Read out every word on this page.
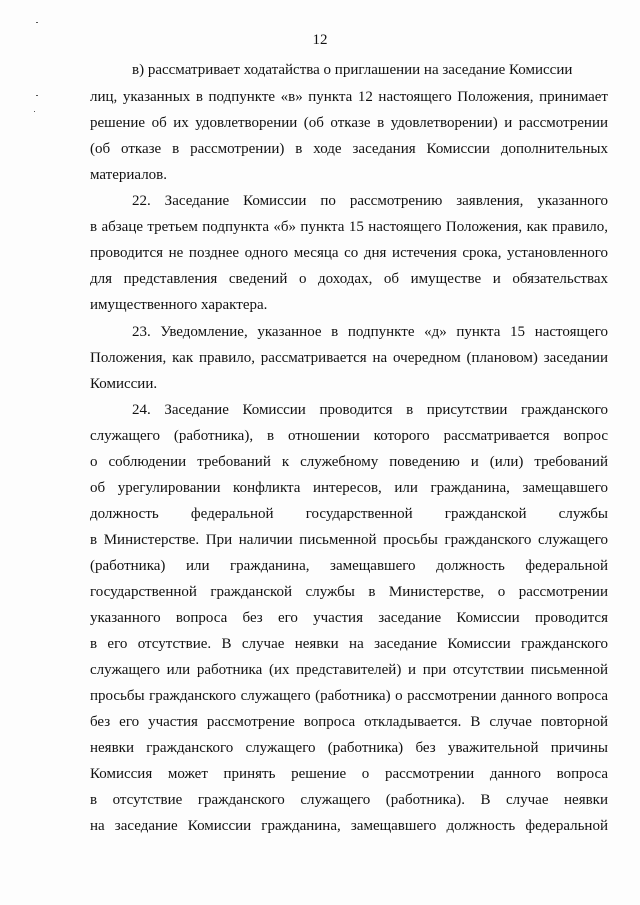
12
в) рассматривает ходатайства о приглашении на заседание Комиссии
лиц, указанных в подпункте «в» пункта 12 настоящего Положения, принимает
решение об их удовлетворении (об отказе в удовлетворении) и рассмотрении
(об отказе в рассмотрении) в ходе заседания Комиссии дополнительных
материалов.
22. Заседание Комиссии по рассмотрению заявления, указанного
в абзаце третьем подпункта «б» пункта 15 настоящего Положения, как правило,
проводится не позднее одного месяца со дня истечения срока, установленного
для представления сведений о доходах, об имуществе и обязательствах
имущественного характера.
23. Уведомление, указанное в подпункте «д» пункта 15 настоящего
Положения, как правило, рассматривается на очередном (плановом) заседании
Комиссии.
24. Заседание Комиссии проводится в присутствии гражданского
служащего (работника), в отношении которого рассматривается вопрос
о соблюдении требований к служебному поведению и (или) требований
об урегулировании конфликта интересов, или гражданина, замещавшего
должность федеральной государственной гражданской службы
в Министерстве. При наличии письменной просьбы гражданского служащего
(работника) или гражданина, замещавшего должность федеральной
государственной гражданской службы в Министерстве, о рассмотрении
указанного вопроса без его участия заседание Комиссии проводится
в его отсутствие. В случае неявки на заседание Комиссии гражданского
служащего или работника (их представителей) и при отсутствии письменной
просьбы гражданского служащего (работника) о рассмотрении данного вопроса
без его участия рассмотрение вопроса откладывается. В случае повторной
неявки гражданского служащего (работника) без уважительной причины
Комиссия может принять решение о рассмотрении данного вопроса
в отсутствие гражданского служащего (работника). В случае неявки
на заседание Комиссии гражданина, замещавшего должность федеральной
